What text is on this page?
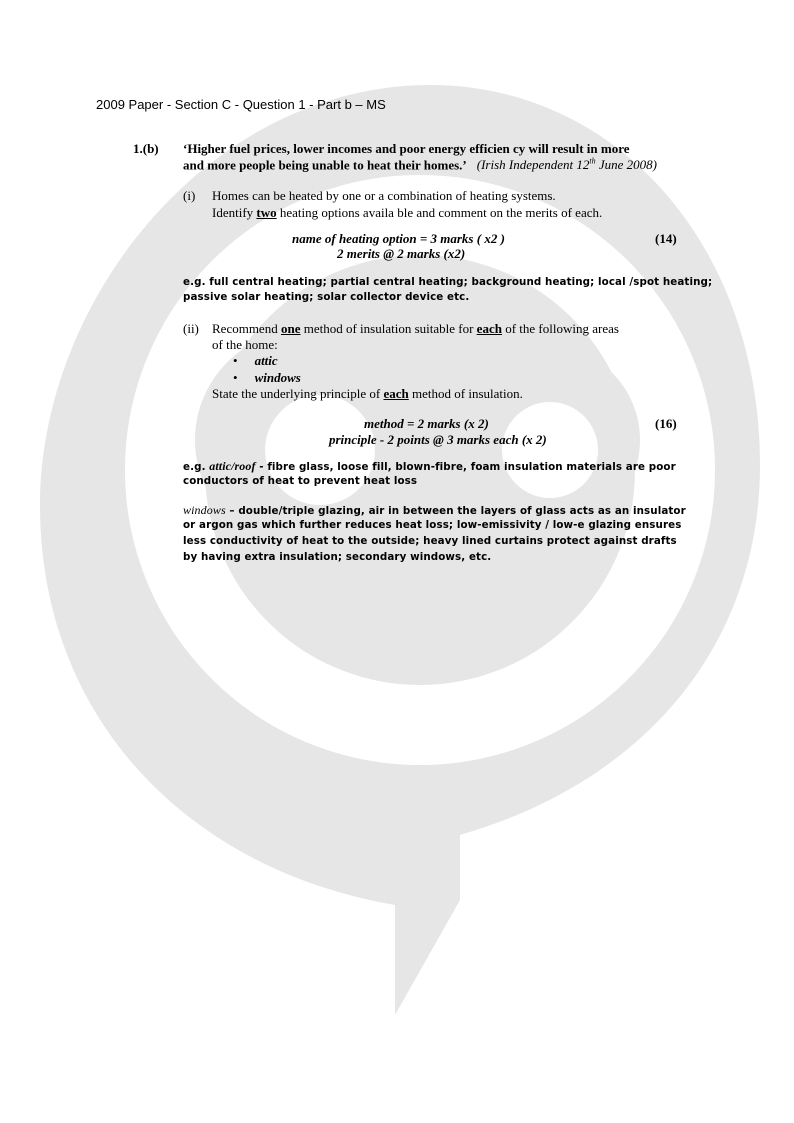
2009 Paper - Section C - Question 1 - Part b – MS
1.(b) ‘Higher fuel prices, lower incomes and poor energy efficien cy will result in more
and more people being unable to heat their homes.’ (Irish Independent 12th June 2008)
(i) Homes can be heated by one or a combination of heating systems.
Identify two heating options availa ble and comment on the merits of each.
name of heating option = 3 marks ( x2 )
2 merits @ 2 marks (x2)
(14)
e.g. full central heating; partial central heating; background heating; local /spot heating;
passive solar heating; solar collector device etc.
(ii) Recommend one method of insulation suitable for each of the following areas
of the home:
• attic
• windows
State the underlying principle of each method of insulation.
method = 2 marks (x 2)
principle - 2 points @ 3 marks each (x 2)
(16)
e.g. attic/roof - fibre glass, loose fill, blown-fibre, foam insulation materials are poor
conductors of heat to prevent heat loss
windows – double/triple glazing, air in between the layers of glass acts as an insulator
or argon gas which further reduces heat loss; low-emissivity / low-e glazing ensures
less conductivity of heat to the outside; heavy lined curtains protect against drafts
by having extra insulation; secondary windows, etc.
